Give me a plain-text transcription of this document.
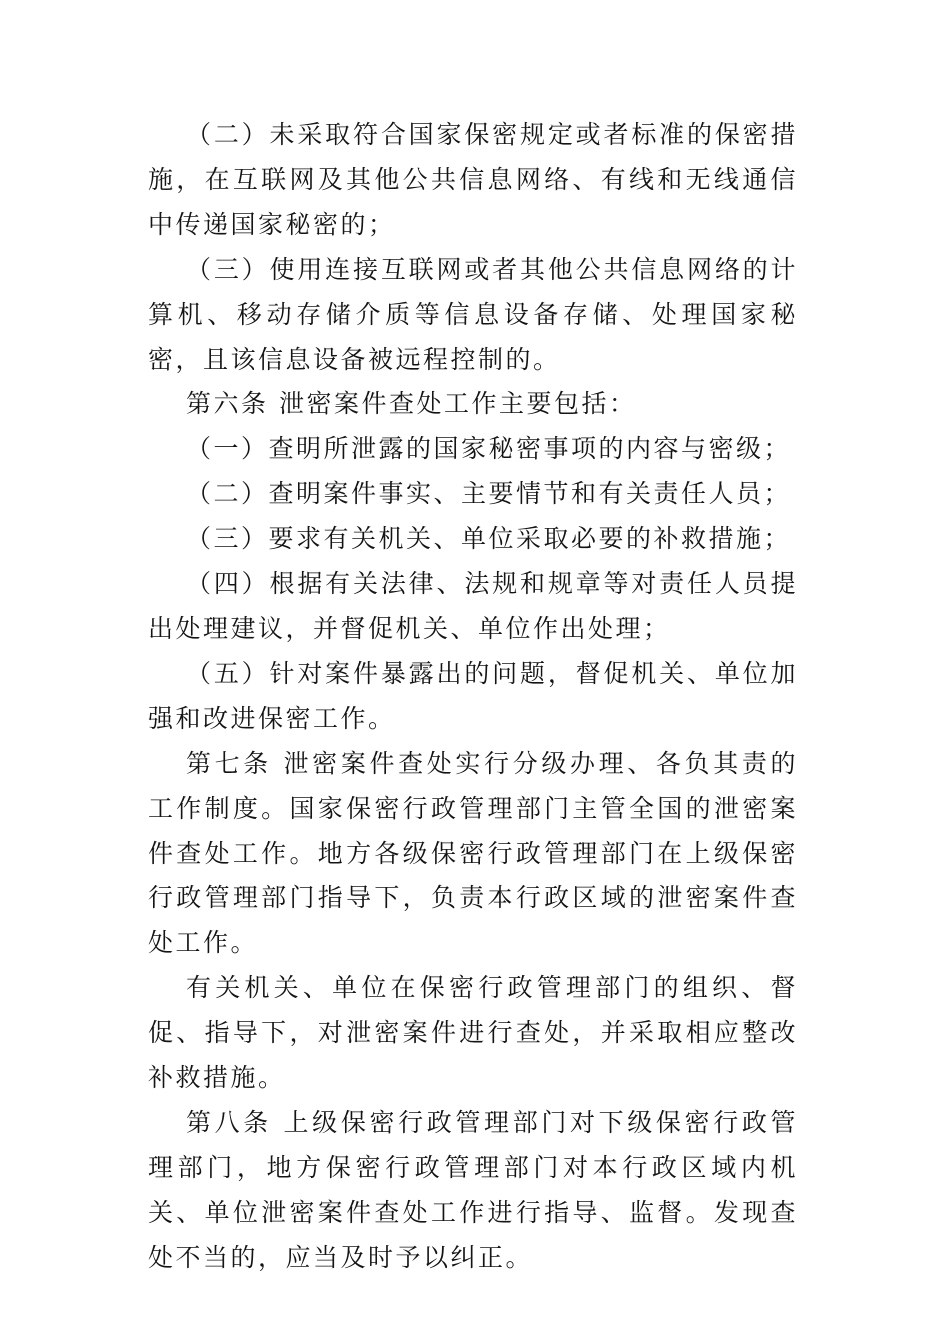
（二）未采取符合国家保密规定或者标准的保密措施，在互联网及其他公共信息网络、有线和无线通信中传递国家秘密的；

（三）使用连接互联网或者其他公共信息网络的计算机、移动存储介质等信息设备存储、处理国家秘密，且该信息设备被远程控制的。

第六条 泄密案件查处工作主要包括：

（一）查明所泄露的国家秘密事项的内容与密级；

（二）查明案件事实、主要情节和有关责任人员；

（三）要求有关机关、单位采取必要的补救措施；

（四）根据有关法律、法规和规章等对责任人员提出处理建议，并督促机关、单位作出处理；

（五）针对案件暴露出的问题，督促机关、单位加强和改进保密工作。

第七条 泄密案件查处实行分级办理、各负其责的工作制度。国家保密行政管理部门主管全国的泄密案件查处工作。地方各级保密行政管理部门在上级保密行政管理部门指导下，负责本行政区域的泄密案件查处工作。

有关机关、单位在保密行政管理部门的组织、督促、指导下，对泄密案件进行查处，并采取相应整改补救措施。

第八条 上级保密行政管理部门对下级保密行政管理部门，地方保密行政管理部门对本行政区域内机关、单位泄密案件查处工作进行指导、监督。发现查处不当的，应当及时予以纠正。
